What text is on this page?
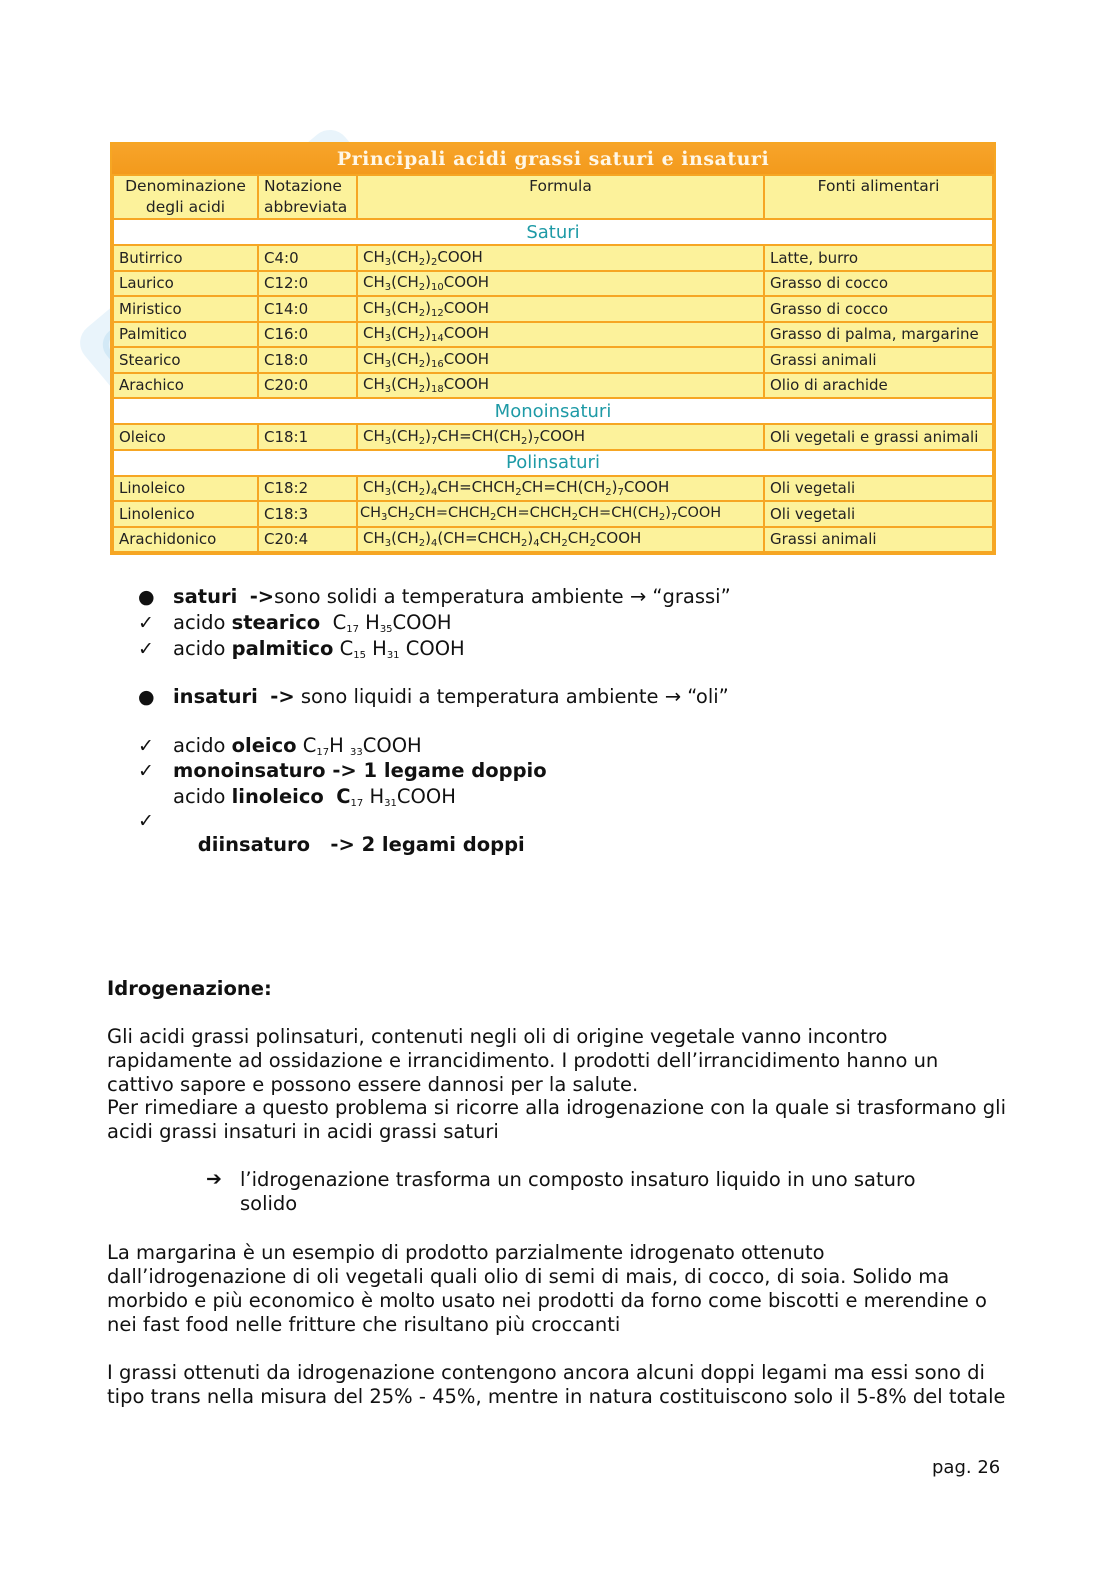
Principali acidi grassi saturi e insaturi
Denominazione degli acidi	Notazione abbreviata	Formula	Fonti alimentari
Saturi			
Butirrico	C4:0	$CH_3(CH_2)_2COOH$	Latte, burro
Laurico	C12:0	$CH_3(CH_2)_{10}COOH$	Grasso di cocco
Miristico	C14:0	$CH_3(CH_2)_{12}COOH$	Grasso di cocco
Palmitico	C16:0	$CH_3(CH_2)_{14}COOH$	Grasso di palma, margarine
Stearico	C18:0	$CH_3(CH_2)_{16}COOH$	Grassi animali
Arachico	C20:0	$CH_3(CH_2)_{18}COOH$	Olio di arachide
Monoinsaturi			
Oleico	C18:1	$CH_3(CH_2)_7CH=CH(CH_2)_7COOH$	Oli vegetali e grassi animali
Polinsaturi			
Linoleico	C18:2	$CH_3(CH_2)_4CH=CHCH_2CH=CH(CH_2)_7COOH$	Oli vegetali
Linolenico	C18:3	$CH_3CH_2CH=CHCH_2CH=CHCH_2CH=CH(CH_2)_7COOH$	Oli vegetali
Arachidonico	C20:4	$CH_3(CH_2)_4(CH=CHCH_2)_4CH_2CH_2COOH$	Grassi animali
● saturi ->sono solidi a temperatura ambiente → “grassi”
✓ acido stearico  $C_{17}$ $H_{35}COOH$
✓ acido palmitico $C_{15}$ $H_{31}$ COOH
● insaturi -> sono liquidi a temperatura ambiente → “oli”
✓ acido oleico $C_{17}H$ $_{33}$COOH
✓ monoinsaturo -> 1 legame doppio
acido linoleico $C_{17}$ $H_{31}COOH$
✓

diinsaturo   -> 2 legami doppi

Idrogenazione:
Gli acidi grassi polinsaturi, contenuti negli oli di origine vegetale vanno incontro rapidamente ad ossidazione e irrancidimento. I prodotti dell’irrancidimento hanno un cattivo sapore e possono essere dannosi per la salute.
Per rimediare a questo problema si ricorre alla idrogenazione con la quale si trasformano gli acidi grassi insaturi in acidi grassi saturi
➔ l’idrogenazione trasforma un composto insaturo liquido in uno saturo solido
La margarina è un esempio di prodotto parzialmente idrogenato ottenuto dall’idrogenazione di oli vegetali quali olio di semi di mais, di cocco, di soia. Solido ma morbido e più economico è molto usato nei prodotti da forno come biscotti e merendine o nei fast food nelle fritture che risultano più croccanti
I grassi ottenuti da idrogenazione contengono ancora alcuni doppi legami ma essi sono di tipo trans nella misura del 25% - 45%, mentre in natura costituiscono solo il 5-8% del totale
pag. 26
